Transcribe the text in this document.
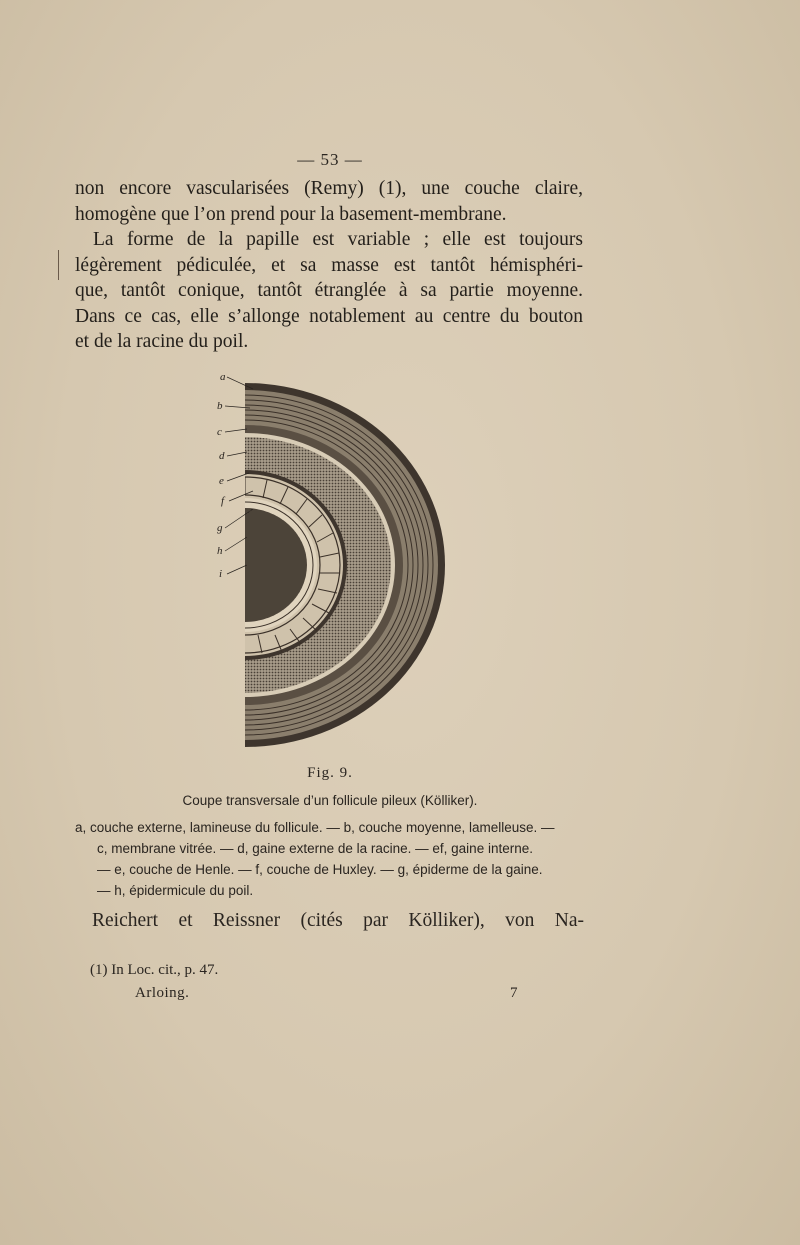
— 53 —
non encore vascularisées (Remy) (1), une couche claire,
homogène que l’on prend pour la basement-membrane.
La forme de la papille est variable ; elle est toujours
légèrement pédiculée, et sa masse est tantôt hémisphéri-
que, tantôt conique, tantôt étranglée à sa partie moyenne.
Dans ce cas, elle s’allonge notablement au centre du bouton
et de la racine du poil.
a
b
c
d
e
f
g
h
i
Fig. 9.
Coupe transversale d’un follicule pileux (Kölliker).
a, couche externe, lamineuse du follicule. — b, couche moyenne, lamelleuse. —
c, membrane vitrée. — d, gaine externe de la racine. — ef, gaine interne.
— e, couche de Henle. — f, couche de Huxley. — g, épiderme de la gaine.
— h, épidermicule du poil.
Reichert et Reissner (cités par Kölliker), von Na-
(1) In Loc. cit., p. 47.
Arloing.	7
